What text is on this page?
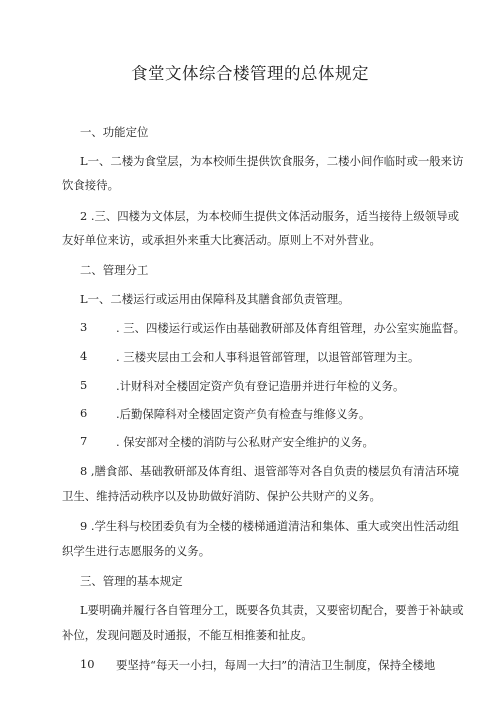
食堂文体综合楼管理的总体规定
一、功能定位
L一、二楼为食堂层，为本校师生提供饮食服务，二楼小间作临时或一般来访
饮食接待。
2 .三、四楼为文体层，为本校师生提供文体活动服务，适当接待上级领导或
友好单位来访，或承担外来重大比赛活动。原则上不对外营业。
二、管理分工
L一、二楼运行或运用由保障科及其膳食部负责管理。
3	. 三、四楼运行或运作由基础教研部及体育组管理，办公室实施监督。
4	. 三楼夹层由工会和人事科退管部管理，以退管部管理为主。
5	.计财科对全楼固定资产负有登记造册并进行年检的义务。
6	.后勤保障科对全楼固定资产负有检查与维修义务。
7	. 保安部对全楼的消防与公私财产安全维护的义务。
8 ,膳食部、基础教研部及体育组、退管部等对各自负责的楼层负有清洁环境
卫生、维持活动秩序以及协助做好消防、保护公共财产的义务。
9 .学生科与校团委负有为全楼的楼梯通道清洁和集体、重大或突出性活动组
织学生进行志愿服务的义务。
三、管理的基本规定
L要明确并履行各自管理分工，既要各负其责，又要密切配合，要善于补缺或
补位，发现问题及时通报，不能互相推萎和扯皮。
10 要坚持“每天一小扫，每周一大扫”的清洁卫生制度，保持全楼地
